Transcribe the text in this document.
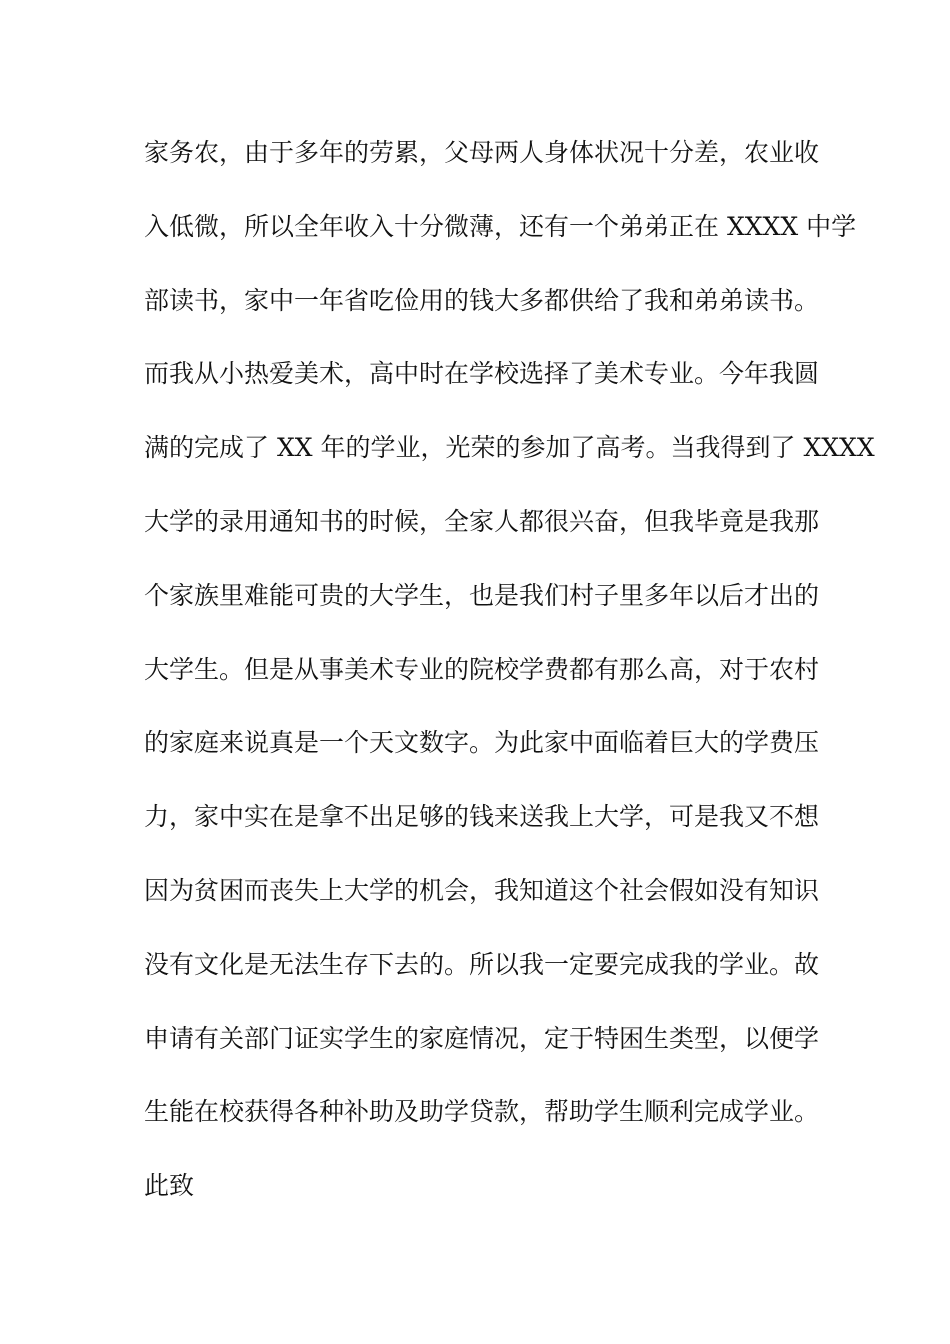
家务农，由于多年的劳累，父母两人身体状况十分差，农业收
入低微，所以全年收入十分微薄，还有一个弟弟正在 XXXX 中学
部读书，家中一年省吃俭用的钱大多都供给了我和弟弟读书。
而我从小热爱美术，高中时在学校选择了美术专业。今年我圆
满的完成了 XX 年的学业，光荣的参加了高考。当我得到了 XXXX
大学的录用通知书的时候，全家人都很兴奋，但我毕竟是我那
个家族里难能可贵的大学生，也是我们村子里多年以后才出的
大学生。但是从事美术专业的院校学费都有那么高，对于农村
的家庭来说真是一个天文数字。为此家中面临着巨大的学费压
力，家中实在是拿不出足够的钱来送我上大学，可是我又不想
因为贫困而丧失上大学的机会，我知道这个社会假如没有知识
没有文化是无法生存下去的。所以我一定要完成我的学业。故
申请有关部门证实学生的家庭情况，定于特困生类型，以便学
生能在校获得各种补助及助学贷款，帮助学生顺利完成学业。
此致
